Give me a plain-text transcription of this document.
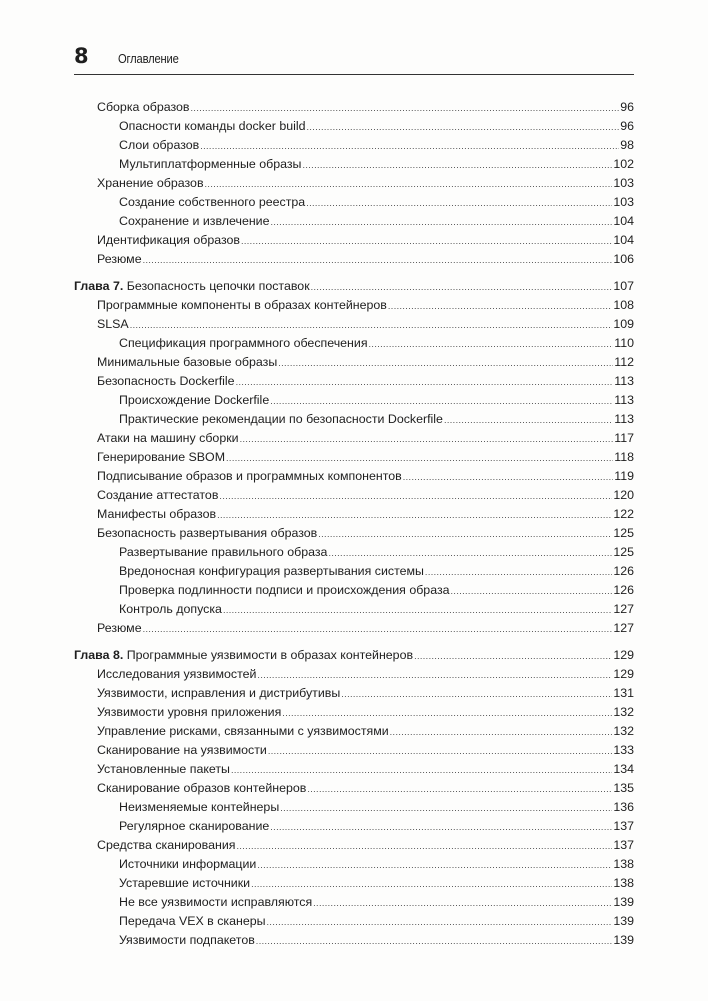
8 Оглавление
Сборка образов .....	96
Опасности команды docker build .....	96
Слои образов .....	98
Мультиплатформенные образы .....	102
Хранение образов .....	103
Создание собственного реестра .....	103
Сохранение и извлечение .....	104
Идентификация образов .....	104
Резюме .....	106
Глава 7. Безопасность цепочки поставок .....	107
Программные компоненты в образах контейнеров .....	108
SLSA .....	109
Спецификация программного обеспечения .....	110
Минимальные базовые образы .....	112
Безопасность Dockerfile .....	113
Происхождение Dockerfile .....	113
Практические рекомендации по безопасности Dockerfile .....	113
Атаки на машину сборки .....	117
Генерирование SBOM .....	118
Подписывание образов и программных компонентов .....	119
Создание аттестатов .....	120
Манифесты образов .....	122
Безопасность развертывания образов .....	125
Развертывание правильного образа .....	125
Вредоносная конфигурация развертывания системы .....	126
Проверка подлинности подписи и происхождения образа .....	126
Контроль допуска .....	127
Резюме .....	127
Глава 8. Программные уязвимости в образах контейнеров .....	129
Исследования уязвимостей .....	129
Уязвимости, исправления и дистрибутивы .....	131
Уязвимости уровня приложения .....	132
Управление рисками, связанными с уязвимостями .....	132
Сканирование на уязвимости .....	133
Установленные пакеты .....	134
Сканирование образов контейнеров .....	135
Неизменяемые контейнеры .....	136
Регулярное сканирование .....	137
Средства сканирования .....	137
Источники информации .....	138
Устаревшие источники .....	138
Не все уязвимости исправляются .....	139
Передача VEX в сканеры .....	139
Уязвимости подпакетов .....	139
